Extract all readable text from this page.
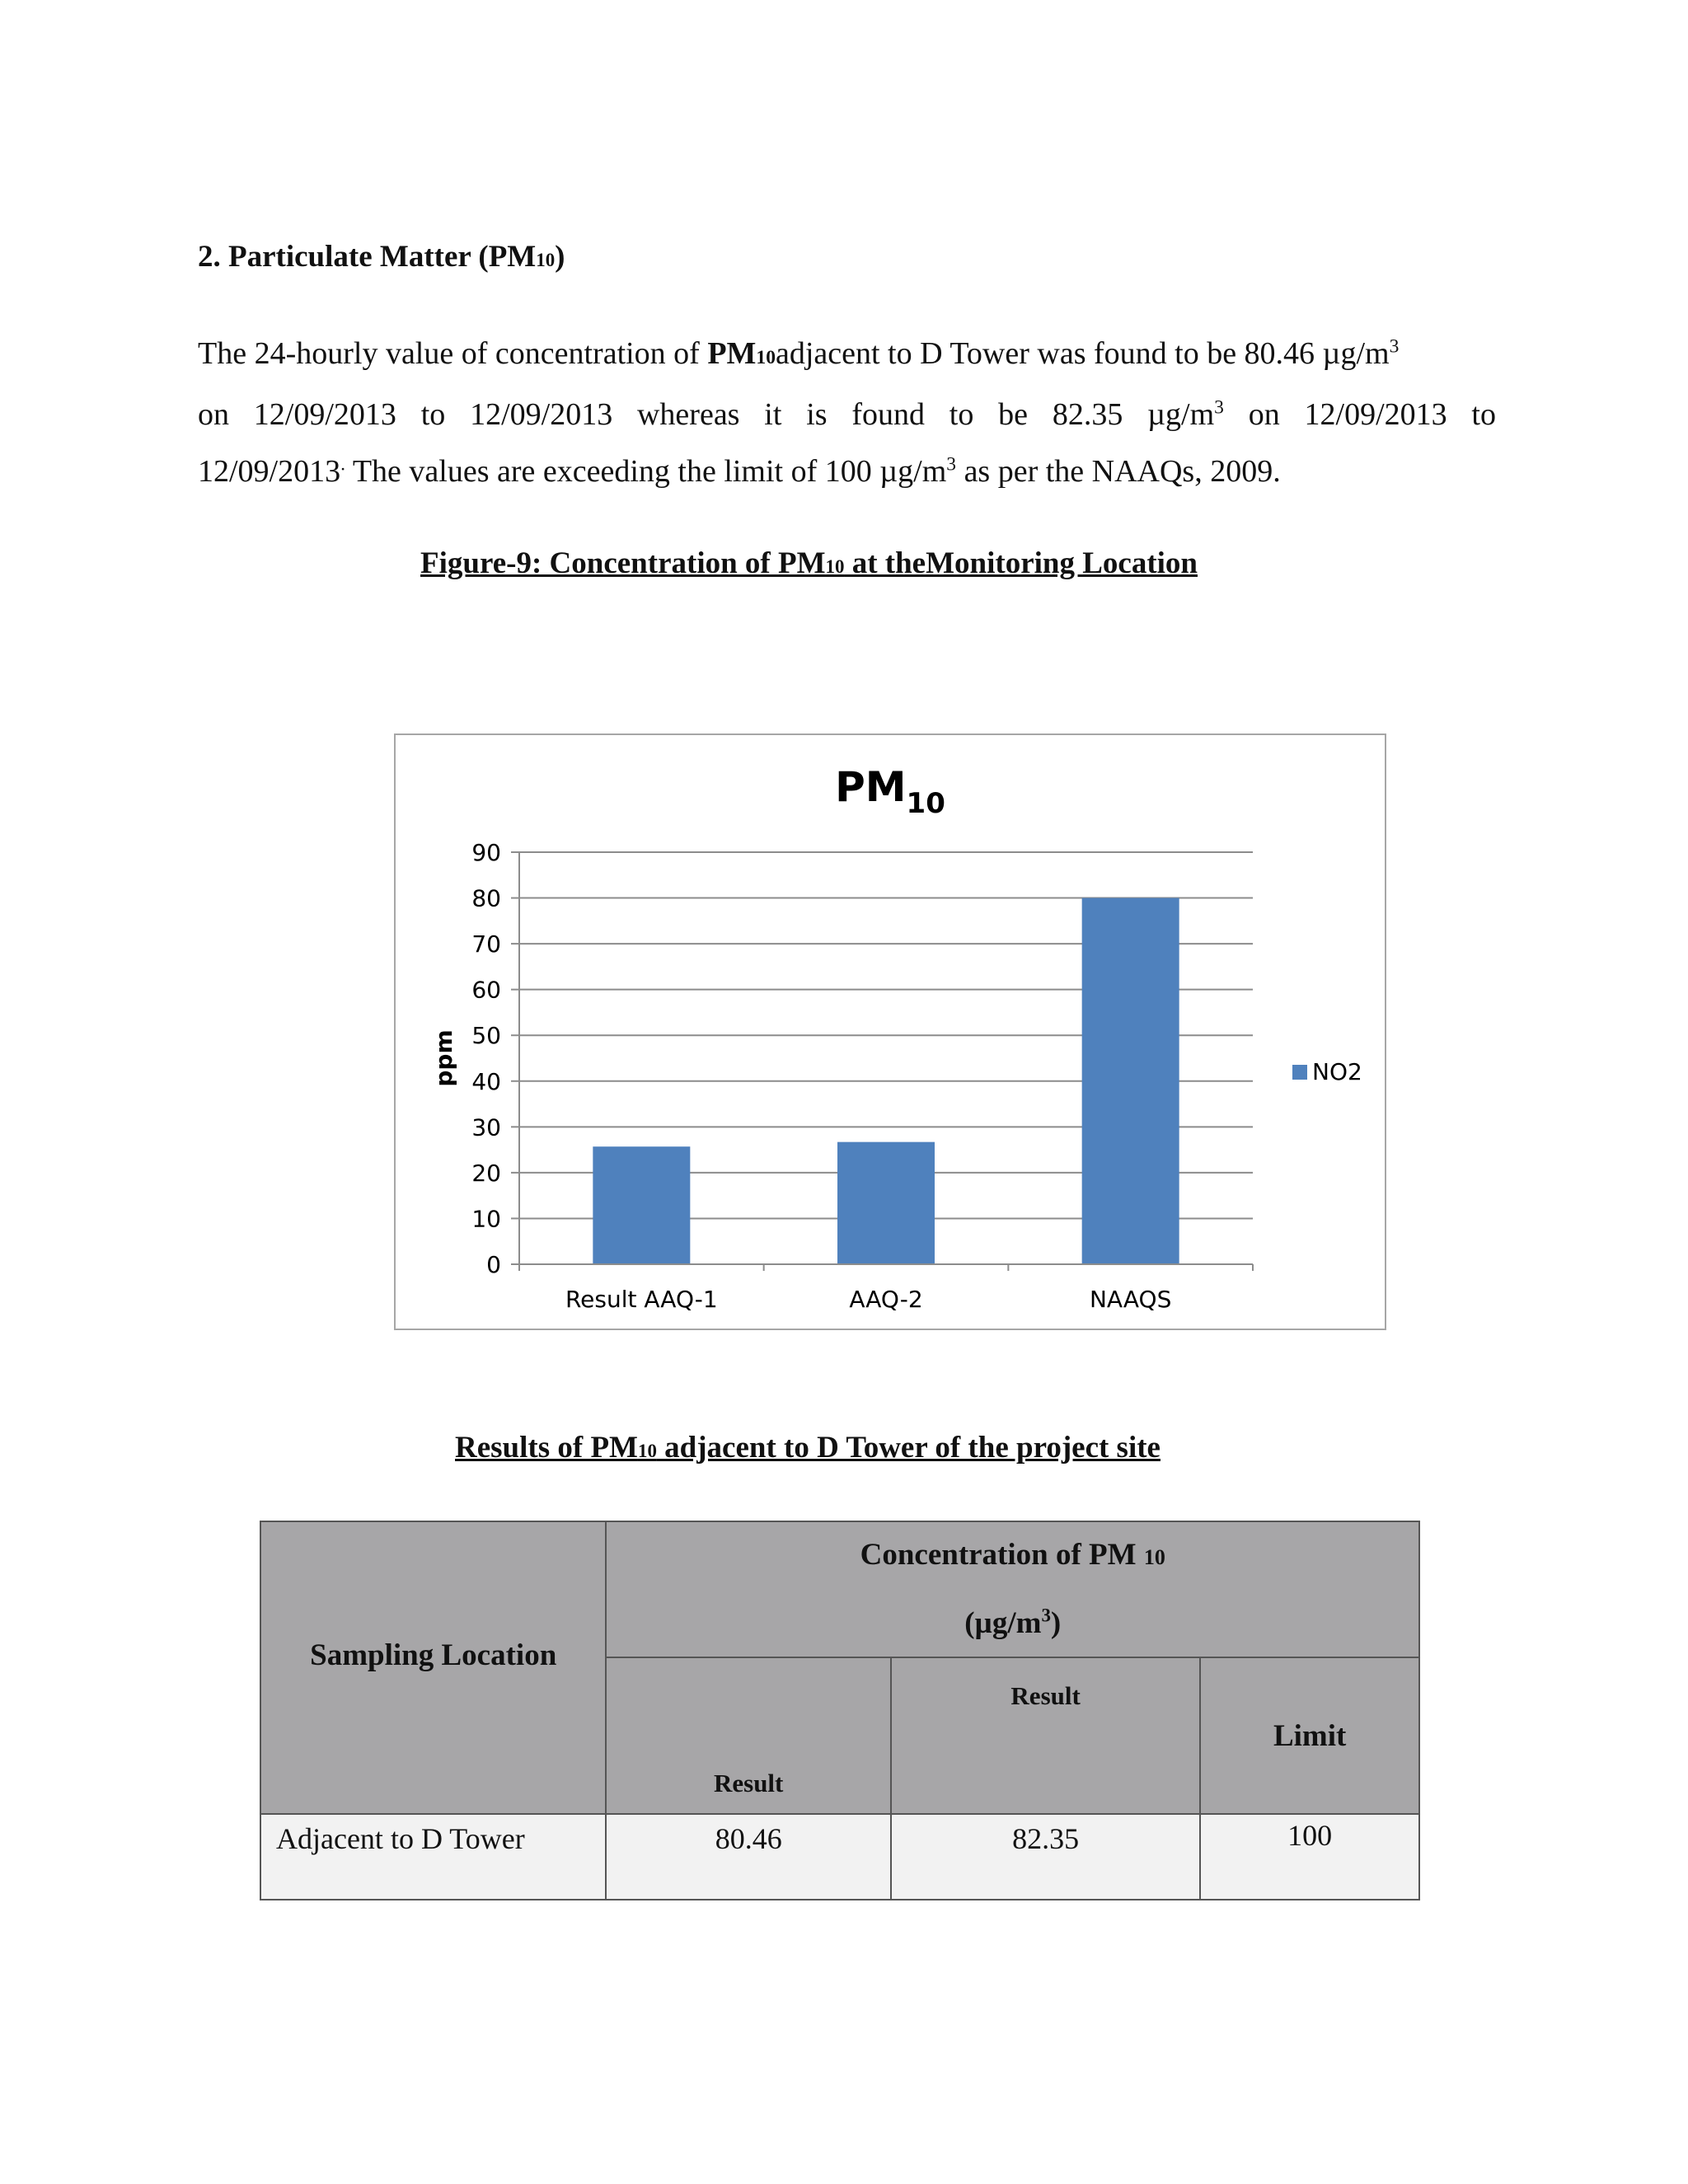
2. Particulate Matter (PM10)

The 24-hourly value of concentration of PM10adjacent to D Tower was found to be 80.46 $\mu g/m^3$
on 12/09/2013 to 12/09/2013 whereas it is found to be 82.35 $\mu g/m^3$ on 12/09/2013 to
12/09/2013. The values are exceeding the limit of 100 $\mu g/m^3$ as per the NAAQs, 2009.

Figure-9: Concentration of PM10 at theMonitoring Location
$PM_{10}$
ppm
0
10
20
30
40
50
60
70
80
90
Result AAQ-1	AAQ-2	NAAQS
NO2
Results of PM10 adjacent to D Tower of the project site
Sampling Location	Concentration of PM 10
$(\mu g/m^3)$		

	Result	Result	Limit
Adjacent to D Tower	80.46	82.35	100
